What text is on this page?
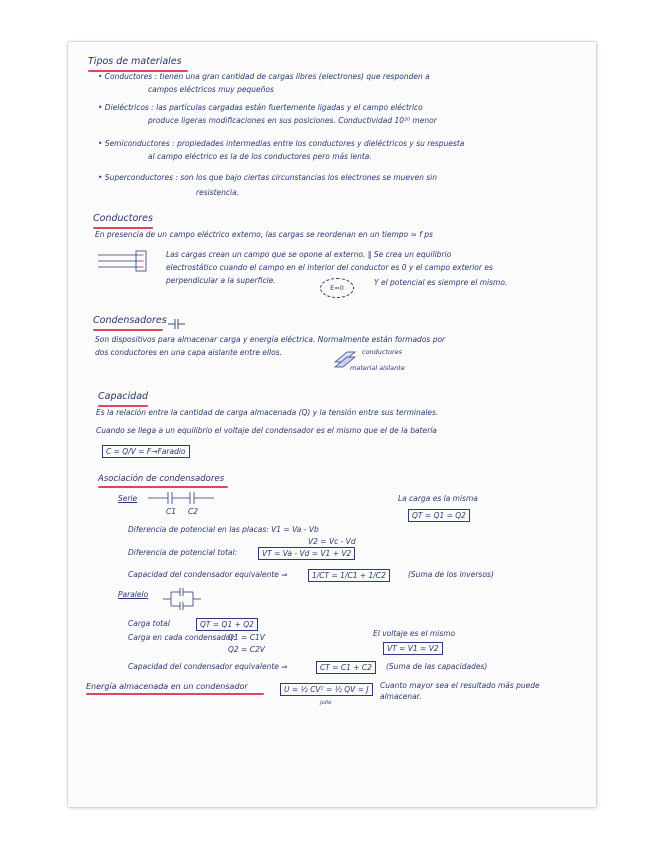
Tipos de materiales
• Conductores : tienen una gran cantidad de cargas libres (electrones) que responden a
campos eléctricos muy pequeños
• Dieléctricos : las partículas cargadas están fuertemente ligadas y el campo eléctrico
produce ligeras modificaciones en sus posiciones. Conductividad 10²⁰ menor
• Semiconductores : propiedades intermedias entre los conductores y dieléctricos y su respuesta
al campo eléctrico es la de los conductores pero más lenta.
• Superconductores : son los que bajo ciertas circunstancias los electrones se mueven sin
resistencia.
Conductores
En presencia de un campo eléctrico externo, las cargas se reordenan en un tiempo ≈ f ps
Las cargas crean un campo que se opone al externo. ‖ Se crea un equilibrio
electrostático cuando el campo en el interior del conductor es 0 y el campo exterior es
perpendicular a la superficie.
E=0
Y el potencial es siempre el mismo.
Condensadores
Son dispositivos para almacenar carga y energía eléctrica. Normalmente están formados por
dos conductores en una capa aislante entre ellos.	conductores
material aislante
Capacidad
Es la relación entre la cantidad de carga almacenada (Q) y la tensión entre sus terminales.
Cuando se llega a un equilibrio el voltaje del condensador es el mismo que el de la batería
C = Q/V = F→Faradio
Asociación de condensadores
Serie
C1 C2
La carga es la misma
QT = Q1 = Q2
Diferencia de potencial en las placas: V1 = Va - Vb
V2 = Vc - Vd
Diferencia de potencial total:	VT = Va - Vd = V1 + V2
Capacidad del condensador equivalente ⇒	1/CT = 1/C1 + 1/C2	(Suma de los inversos)
Paralelo
Carga total	QT = Q1 + Q2
Carga en cada condensador:
Q1 = C1V
Q2 = C2V
El voltaje es el mismo
VT = V1 = V2
Capacidad del condensador equivalente ⇒	CT = C1 + C2	(Suma de las capacidades)
Energía almacenada en un condensador	U = ½ CV² = ½ QV = J
julio
Cuanto mayor sea el resultado más puede
almacenar.
